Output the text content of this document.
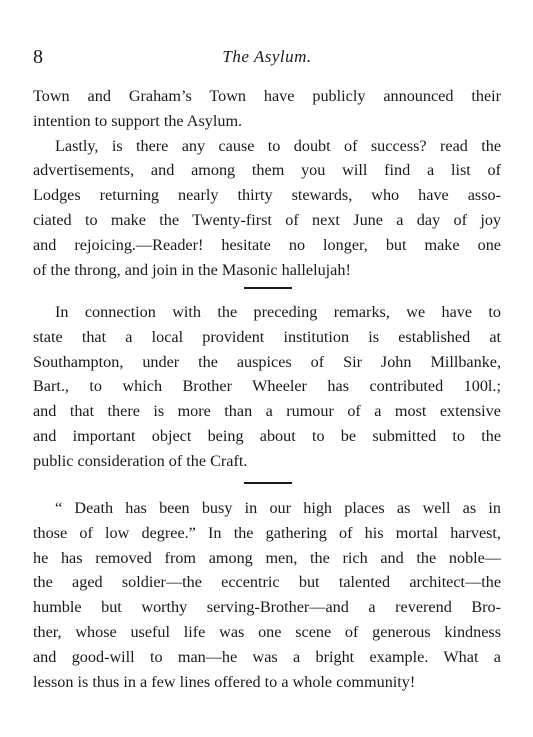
8	The Asylum.

Town and Graham’s Town have publicly announced their
intention to support the Asylum.

Lastly, is there any cause to doubt of success? read the
advertisements, and among them you will find a list of
Lodges returning nearly thirty stewards, who have asso-
ciated to make the Twenty-first of next June a day of joy
and rejoicing.—Reader! hesitate no longer, but make one
of the throng, and join in the Masonic hallelujah!

In connection with the preceding remarks, we have to
state that a local provident institution is established at
Southampton, under the auspices of Sir John Millbanke,
Bart., to which Brother Wheeler has contributed 100l.;
and that there is more than a rumour of a most extensive
and important object being about to be submitted to the
public consideration of the Craft.

“ Death has been busy in our high places as well as in
those of low degree.” In the gathering of his mortal harvest,
he has removed from among men, the rich and the noble—
the aged soldier—the eccentric but talented architect—the
humble but worthy serving-Brother—and a reverend Bro-
ther, whose useful life was one scene of generous kindness
and good-will to man—he was a bright example. What a
lesson is thus in a few lines offered to a whole community!
